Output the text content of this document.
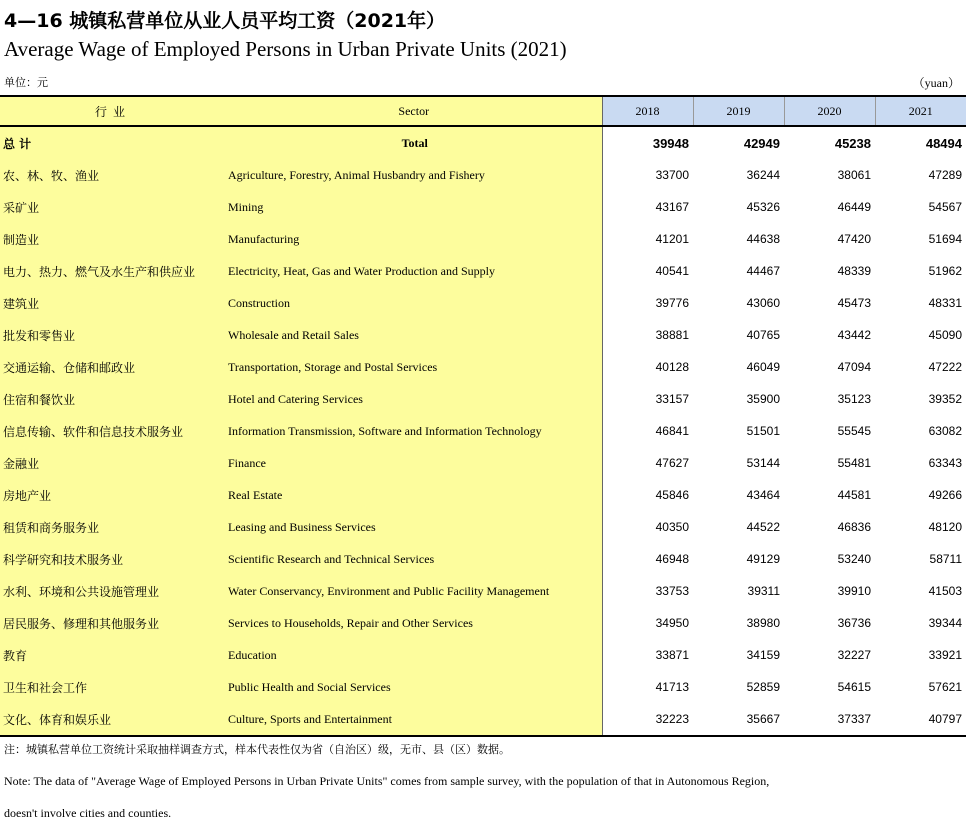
4—16 城镇私营单位从业人员平均工资（2021年）
Average Wage of Employed Persons in Urban Private Units (2021)
单位：元	（yuan）
行业	Sector	2018	2019	2020	2021
总 计	Total	39948	42949	45238	48494
农、林、牧、渔业	Agriculture, Forestry, Animal Husbandry and Fishery	33700	36244	38061	47289
采矿业	Mining	43167	45326	46449	54567
制造业	Manufacturing	41201	44638	47420	51694
电力、热力、燃气及水生产和供应业	Electricity, Heat, Gas and Water Production and Supply	40541	44467	48339	51962
建筑业	Construction	39776	43060	45473	48331
批发和零售业	Wholesale and Retail Sales	38881	40765	43442	45090
交通运输、仓储和邮政业	Transportation, Storage and Postal Services	40128	46049	47094	47222
住宿和餐饮业	Hotel and Catering Services	33157	35900	35123	39352
信息传输、软件和信息技术服务业	Information Transmission, Software and Information Technology	46841	51501	55545	63082
金融业	Finance	47627	53144	55481	63343
房地产业	Real Estate	45846	43464	44581	49266
租赁和商务服务业	Leasing and Business Services	40350	44522	46836	48120
科学研究和技术服务业	Scientific Research and Technical Services	46948	49129	53240	58711
水利、环境和公共设施管理业	Water Conservancy, Environment and Public Facility Management	33753	39311	39910	41503
居民服务、修理和其他服务业	Services to Households, Repair and Other Services	34950	38980	36736	39344
教育	Education	33871	34159	32227	33921
卫生和社会工作	Public Health and Social Services	41713	52859	54615	57621
文化、体育和娱乐业	Culture, Sports and Entertainment	32223	35667	37337	40797
注：城镇私营单位工资统计采取抽样调查方式，样本代表性仅为省（自治区）级，无市、县（区）数据。
Note: The data of "Average Wage of Employed Persons in Urban Private Units" comes from sample survey, with the population of that in Autonomous Region,
doesn't involve cities and counties.
